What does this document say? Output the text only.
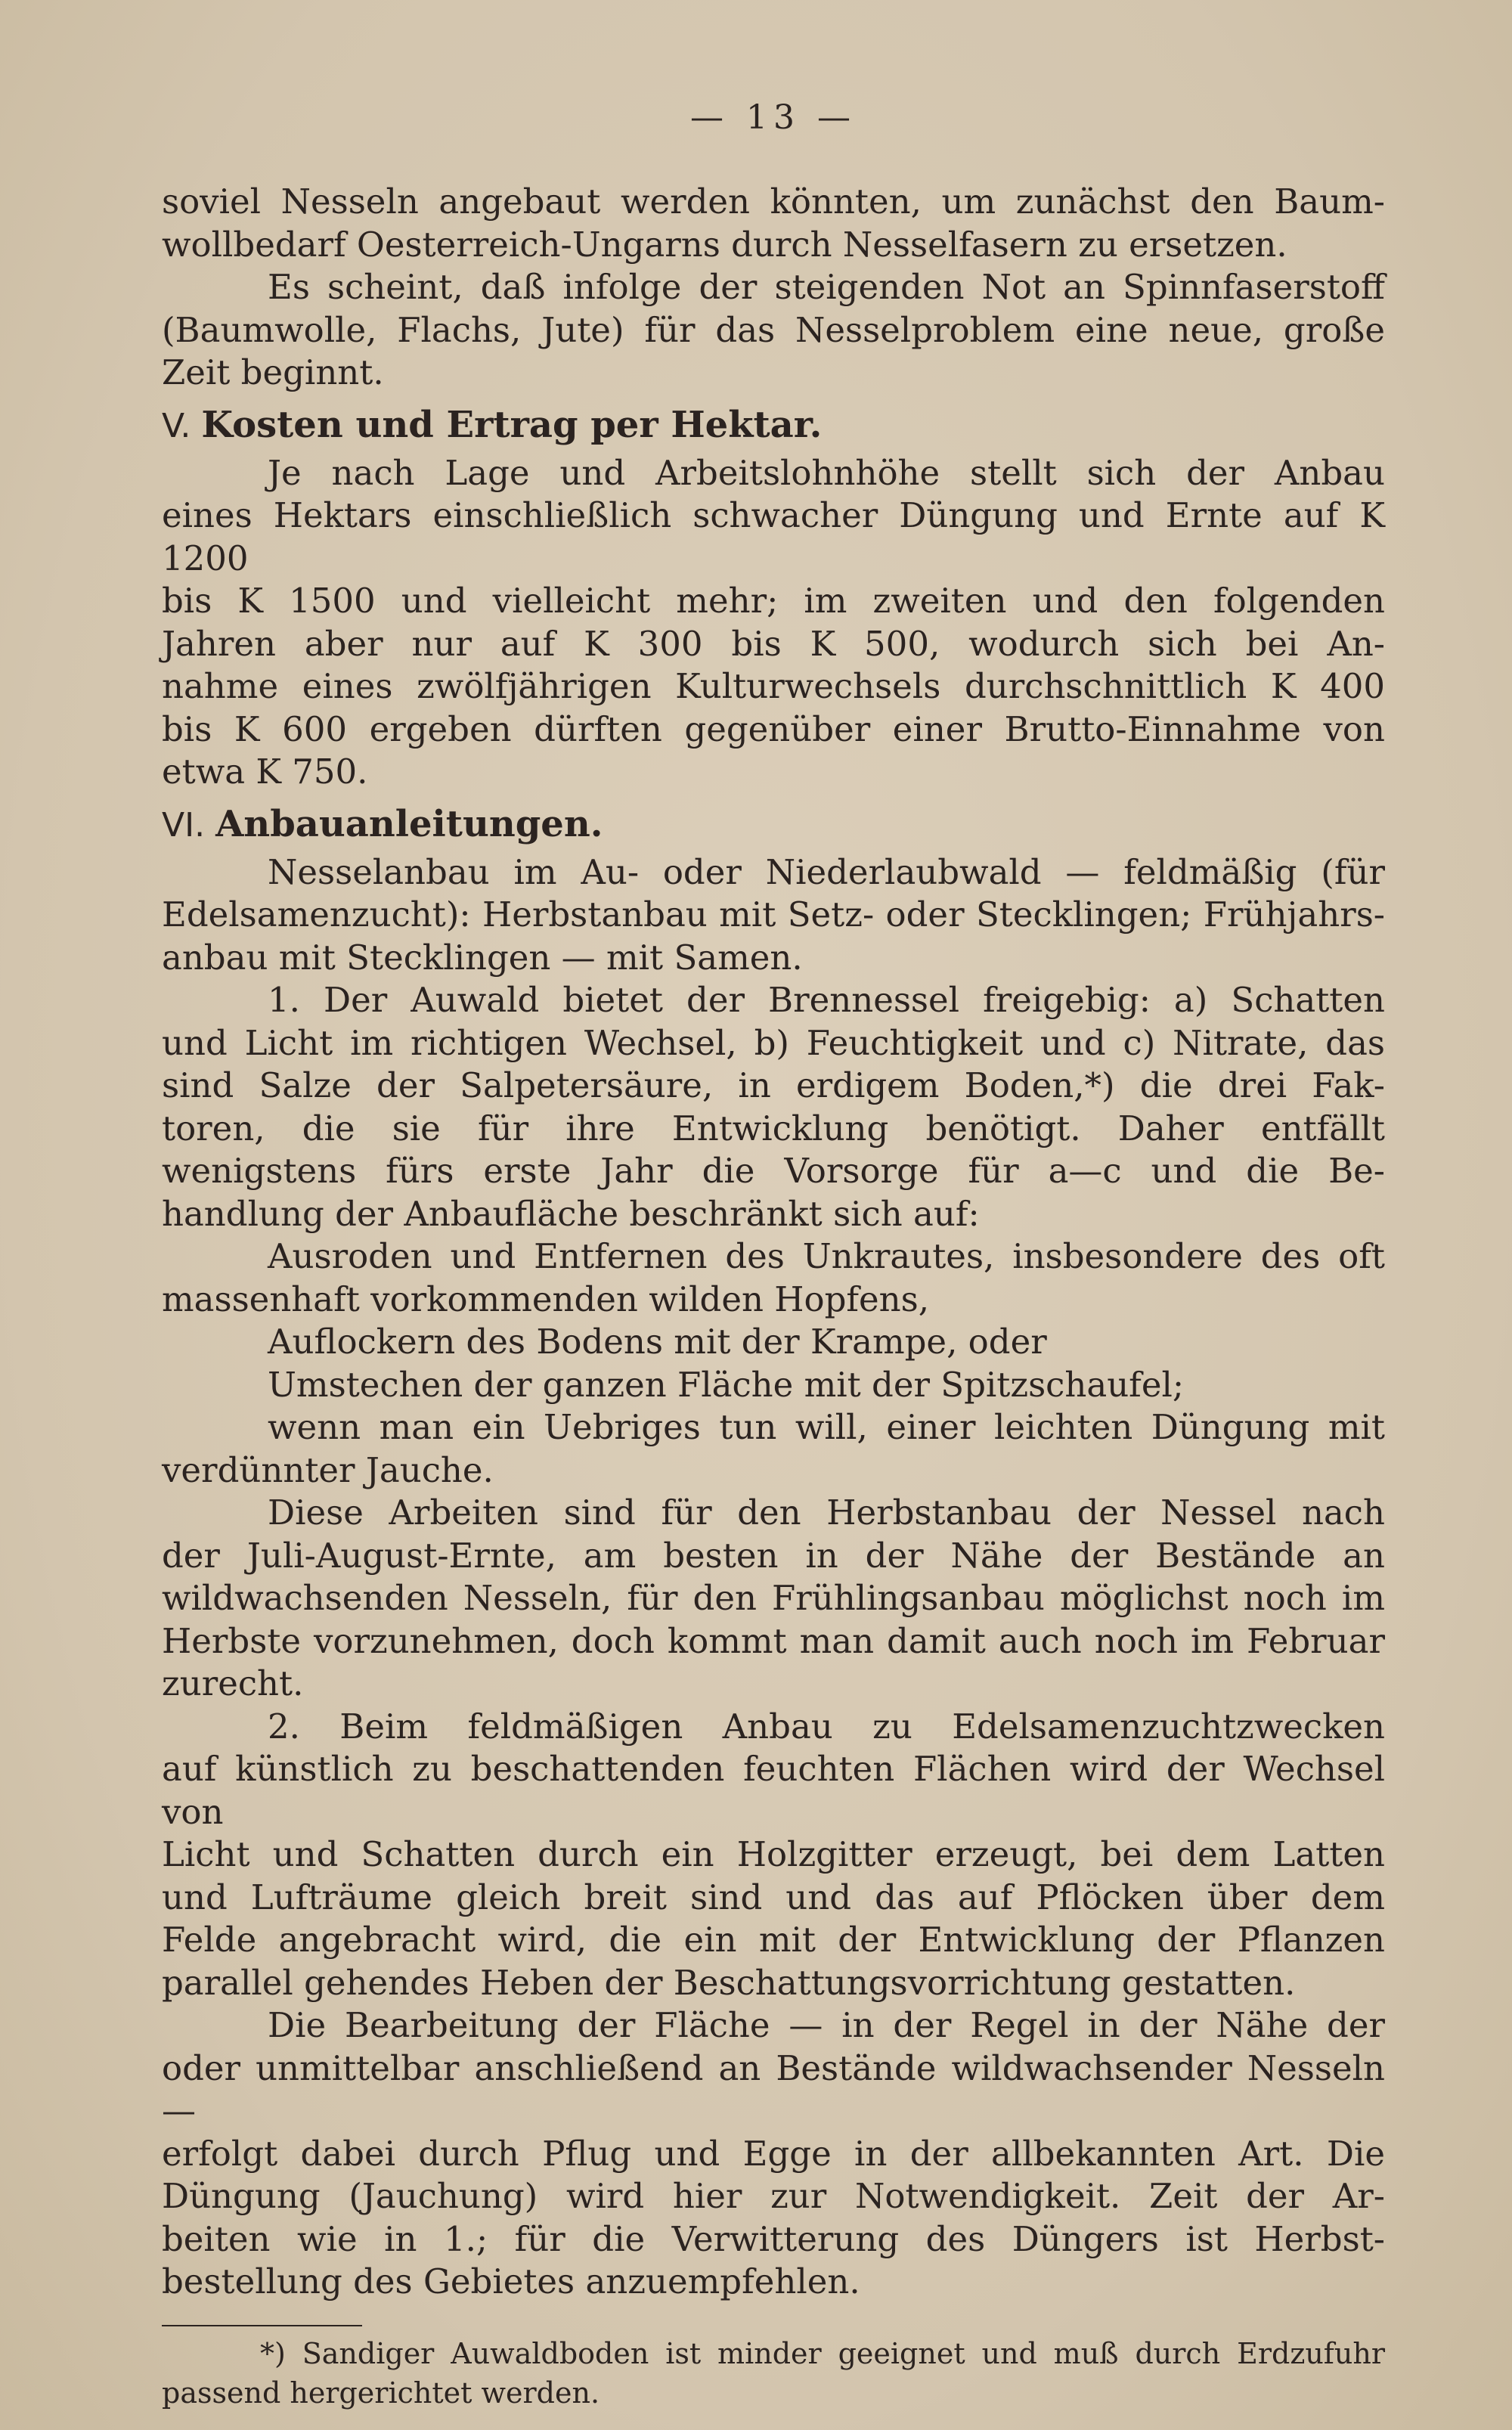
— 13 —

soviel Nesseln angebaut werden könnten, um zunächst den Baum-

wollbedarf Oesterreich-Ungarns durch Nesselfasern zu ersetzen.

Es scheint, daß infolge der steigenden Not an Spinnfaserstoff

(Baumwolle, Flachs, Jute) für das Nesselproblem eine neue, große

Zeit beginnt.

V. Kosten und Ertrag per Hektar.

Je nach Lage und Arbeitslohnhöhe stellt sich der Anbau

eines Hektars einschließlich schwacher Düngung und Ernte auf K 1200

bis K 1500 und vielleicht mehr; im zweiten und den folgenden

Jahren aber nur auf K 300 bis K 500, wodurch sich bei An-

nahme eines zwölfjährigen Kulturwechsels durchschnittlich K 400

bis K 600 ergeben dürften gegenüber einer Brutto-Einnahme von

etwa K 750.

VI. Anbauanleitungen.

Nesselanbau im Au- oder Niederlaubwald — feldmäßig (für

Edelsamenzucht): Herbstanbau mit Setz- oder Stecklingen; Frühjahrs-

anbau mit Stecklingen — mit Samen.

1. Der Auwald bietet der Brennessel freigebig: a) Schatten

und Licht im richtigen Wechsel, b) Feuchtigkeit und c) Nitrate, das

sind Salze der Salpetersäure, in erdigem Boden,*) die drei Fak-

toren, die sie für ihre Entwicklung benötigt. Daher entfällt

wenigstens fürs erste Jahr die Vorsorge für a—c und die Be-

handlung der Anbaufläche beschränkt sich auf:

Ausroden und Entfernen des Unkrautes, insbesondere des oft

massenhaft vorkommenden wilden Hopfens,

Auflockern des Bodens mit der Krampe, oder

Umstechen der ganzen Fläche mit der Spitzschaufel;

wenn man ein Uebriges tun will, einer leichten Düngung mit

verdünnter Jauche.

Diese Arbeiten sind für den Herbstanbau der Nessel nach

der Juli-August-Ernte, am besten in der Nähe der Bestände an

wildwachsenden Nesseln, für den Frühlingsanbau möglichst noch im

Herbste vorzunehmen, doch kommt man damit auch noch im Februar

zurecht.

2. Beim feldmäßigen Anbau zu Edelsamenzuchtzwecken

auf künstlich zu beschattenden feuchten Flächen wird der Wechsel von

Licht und Schatten durch ein Holzgitter erzeugt, bei dem Latten

und Lufträume gleich breit sind und das auf Pflöcken über dem

Felde angebracht wird, die ein mit der Entwicklung der Pflanzen

parallel gehendes Heben der Beschattungsvorrichtung gestatten.

Die Bearbeitung der Fläche — in der Regel in der Nähe der

oder unmittelbar anschließend an Bestände wildwachsender Nesseln —

erfolgt dabei durch Pflug und Egge in der allbekannten Art. Die

Düngung (Jauchung) wird hier zur Notwendigkeit. Zeit der Ar-

beiten wie in 1.; für die Verwitterung des Düngers ist Herbst-

bestellung des Gebietes anzuempfehlen.

*) Sandiger Auwaldboden ist minder geeignet und muß durch Erdzufuhr
passend hergerichtet werden.
